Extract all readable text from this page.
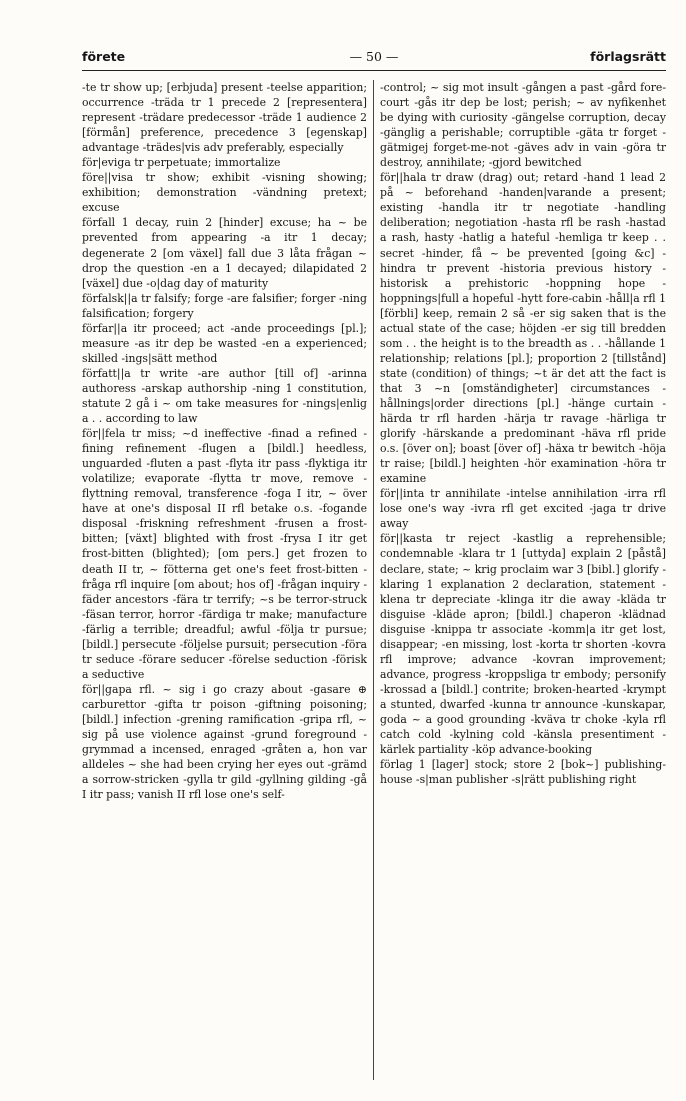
förete	— 50 —	förlagsrätt

-te tr show up; [erbjuda] present -teelse apparition; occurrence -träda tr 1 precede 2 [representera] represent -trädare predecessor -träde 1 audience 2 [förmån] preference, precedence 3 [egenskap] advantage -trädes|vis adv preferably, especially

för|eviga tr perpetuate; immortalize

före||visa tr show; exhibit -visning showing; exhibition; demonstration -vändning pretext; excuse

förfall 1 decay, ruin 2 [hinder] excuse; ha ~ be prevented from appearing -a itr 1 decay; degenerate 2 [om växel] fall due 3 låta frågan ~ drop the question -en a 1 decayed; dilapidated 2 [växel] due -o|dag day of maturity

förfalsk||a tr falsify; forge -are falsifier; forger -ning falsification; forgery

förfar||a itr proceed; act -ande proceedings [pl.]; measure -as itr dep be wasted -en a experienced; skilled -ings|sätt method

författ||a tr write -are author [till of] -arinna authoress -arskap authorship -ning 1 constitution, statute 2 gå i ~ om take measures for -nings|enlig a . . according to law

för||fela tr miss; ~d ineffective -finad a refined -fining refinement -flugen a [bildl.] heedless, unguarded -fluten a past -flyta itr pass -flyktiga itr volatilize; evaporate -flytta tr move, remove -flyttning removal, transference -foga I itr, ~ över have at one's disposal II rfl betake o.s. -fogande disposal -friskning refreshment -frusen a frost-bitten; [växt] blighted with frost -frysa I itr get frost-bitten (blighted); [om pers.] get frozen to death II tr, ~ fötterna get one's feet frost-bitten -fråga rfl inquire [om about; hos of] -frågan inquiry -fäder ancestors -fära tr terrify; ~s be terror-struck -fäsan terror, horror -färdiga tr make; manufacture -färlig a terrible; dreadful; awful -följa tr pursue; [bildl.] persecute -följelse pursuit; persecution -föra tr seduce -förare seducer -förelse seduction -förisk a seductive

för||gapa rfl. ~ sig i go crazy about -gasare ⊕ carburettor -gifta tr poison -giftning poisoning; [bildl.] infection -grening ramification -gripa rfl, ~ sig på use violence against -grund foreground -grymmad a incensed, enraged -gråten a, hon var alldeles ~ she had been crying her eyes out -grämd a sorrow-stricken -gylla tr gild -gyllning gilding -gå I itr pass; vanish II rfl lose one's self-

-control; ~ sig mot insult -gången a past -gård fore-court -gås itr dep be lost; perish; ~ av nyfikenhet be dying with curiosity -gängelse corruption, decay -gänglig a perishable; corruptible -gäta tr forget -gätmigej forget-me-not -gäves adv in vain -göra tr destroy, annihilate; -gjord bewitched

för||hala tr draw (drag) out; retard -hand 1 lead 2 på ~ beforehand -handen|varande a present; existing -handla itr tr negotiate -handling deliberation; negotiation -hasta rfl be rash -hastad a rash, hasty -hatlig a hateful -hemliga tr keep . . secret -hinder, få ~ be prevented [going &c] -hindra tr prevent -historia previous history -historisk a prehistoric -hoppning hope -hoppnings|full a hopeful -hytt fore-cabin -håll|a rfl 1 [förbli] keep, remain 2 så -er sig saken that is the actual state of the case; höjden -er sig till bredden som . . the height is to the breadth as . . -hållande 1 relationship; relations [pl.]; proportion 2 [tillstånd] state (condition) of things; ~t är det att the fact is that 3 ~n [omständigheter] circumstances -hållnings|order directions [pl.] -hänge curtain -härda tr rfl harden -härja tr ravage -härliga tr glorify -härskande a predominant -häva rfl pride o.s. [över on]; boast [över of] -häxa tr bewitch -höja tr raise; [bildl.] heighten -hör examination -höra tr examine

för||inta tr annihilate -intelse annihilation -irra rfl lose one's way -ivra rfl get excited -jaga tr drive away

för||kasta tr reject -kastlig a reprehensible; condemnable -klara tr 1 [uttyda] explain 2 [påstå] declare, state; ~ krig proclaim war 3 [bibl.] glorify -klaring 1 explanation 2 declaration, statement -klena tr depreciate -klinga itr die away -kläda tr disguise -kläde apron; [bildl.] chaperon -klädnad disguise -knippa tr associate -komm|a itr get lost, disappear; -en missing, lost -korta tr shorten -kovra rfl improve; advance -kovran improvement; advance, progress -kroppsliga tr embody; personify -krossad a [bildl.] contrite; broken-hearted -krympt a stunted, dwarfed -kunna tr announce -kunskapar, goda ~ a good grounding -kväva tr choke -kyla rfl catch cold -kylning cold -känsla presentiment -kärlek partiality -köp advance-booking

förlag 1 [lager] stock; store 2 [bok~] publishing-house -s|man publisher -s|rätt publishing right
